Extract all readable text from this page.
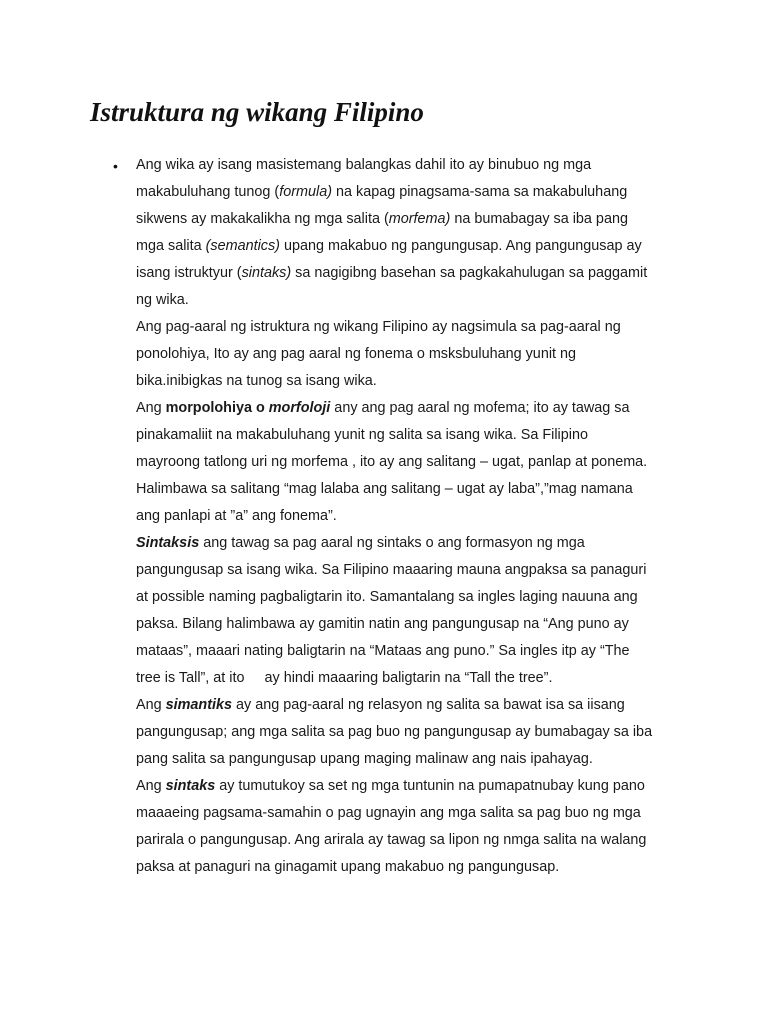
Istruktura ng wikang Filipino
• Ang wika ay isang masistemang balangkas dahil ito ay binubuo ng mga
makabuluhang tunog (formula) na kapag pinagsama-sama sa makabuluhang
sikwens ay makakalikha ng mga salita (morfema) na bumabagay sa iba pang
mga salita (semantics) upang makabuo ng pangungusap. Ang pangungusap ay
isang istruktyur (sintaks) sa nagigibng basehan sa pagkakahulugan sa paggamit
ng wika.
Ang pag-aaral ng istruktura ng wikang Filipino ay nagsimula sa pag-aaral ng
ponolohiya, Ito ay ang pag aaral ng fonema o msksbuluhang yunit ng
bika.inibigkas na tunog sa isang wika.
Ang morpolohiya o morfoloji any ang pag aaral ng mofema; ito ay tawag sa
pinakamaliit na makabuluhang yunit ng salita sa isang wika. Sa Filipino
mayroong tatlong uri ng morfema , ito ay ang salitang – ugat, panlap at ponema.
Halimbawa sa salitang “mag lalaba ang salitang – ugat ay laba”,”mag namana
ang panlapi at ”a” ang fonema”.
Sintaksis ang tawag sa pag aaral ng sintaks o ang formasyon ng mga
pangungusap sa isang wika. Sa Filipino maaaring mauna angpaksa sa panaguri
at possible naming pagbaligtarin ito. Samantalang sa ingles laging nauuna ang
paksa. Bilang halimbawa ay gamitin natin ang pangungusap na “Ang puno ay
mataas”, maaari nating baligtarin na “Mataas ang puno.” Sa ingles itp ay “The
tree is Tall”, at ito     ay hindi maaaring baligtarin na “Tall the tree”.
Ang simantiks ay ang pag-aaral ng relasyon ng salita sa bawat isa sa iisang
pangungusap; ang mga salita sa pag buo ng pangungusap ay bumabagay sa iba
pang salita sa pangungusap upang maging malinaw ang nais ipahayag.
Ang sintaks ay tumutukoy sa set ng mga tuntunin na pumapatnubay kung pano
maaaeing pagsama-samahin o pag ugnayin ang mga salita sa pag buo ng mga
parirala o pangungusap. Ang arirala ay tawag sa lipon ng nmga salita na walang
paksa at panaguri na ginagamit upang makabuo ng pangungusap.
